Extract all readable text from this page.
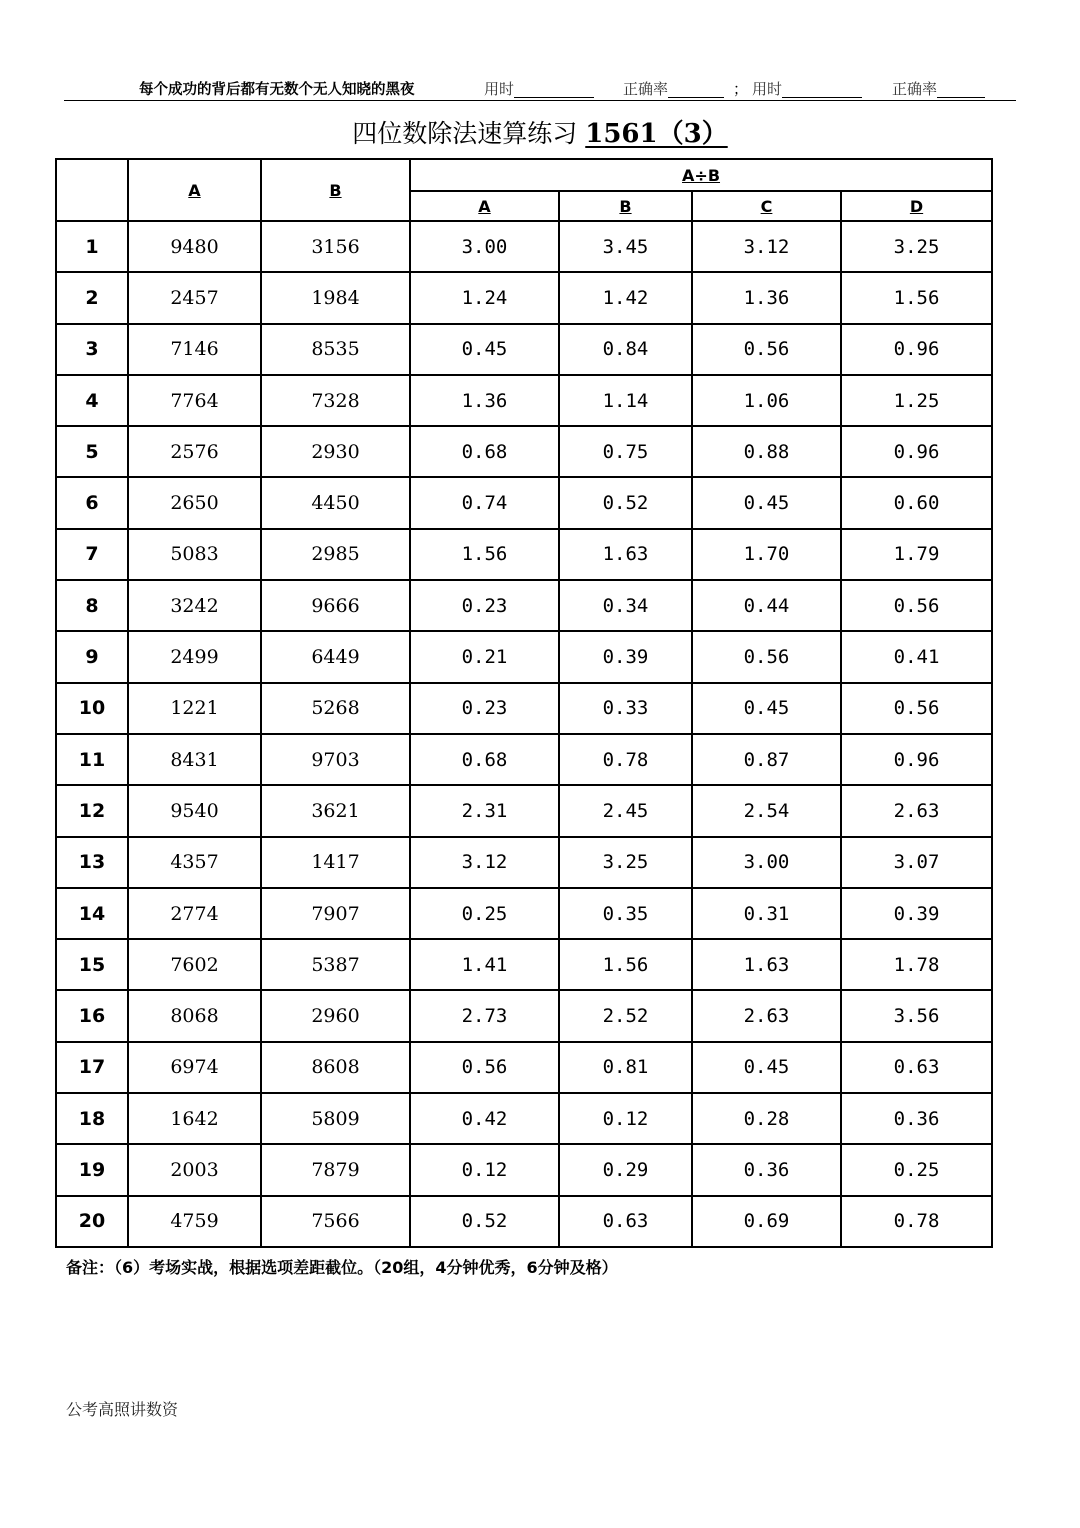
每个成功的背后都有无数个无人知晓的黑夜	用时	正确率	； 用时	正确率
四位数除法速算练习 1561（3）
	A	B	A÷B			
			A	B	C	D
1	9480	3156	3.00	3.45	3.12	3.25
2	2457	1984	1.24	1.42	1.36	1.56
3	7146	8535	0.45	0.84	0.56	0.96
4	7764	7328	1.36	1.14	1.06	1.25
5	2576	2930	0.68	0.75	0.88	0.96
6	2650	4450	0.74	0.52	0.45	0.60
7	5083	2985	1.56	1.63	1.70	1.79
8	3242	9666	0.23	0.34	0.44	0.56
9	2499	6449	0.21	0.39	0.56	0.41
10	1221	5268	0.23	0.33	0.45	0.56
11	8431	9703	0.68	0.78	0.87	0.96
12	9540	3621	2.31	2.45	2.54	2.63
13	4357	1417	3.12	3.25	3.00	3.07
14	2774	7907	0.25	0.35	0.31	0.39
15	7602	5387	1.41	1.56	1.63	1.78
16	8068	2960	2.73	2.52	2.63	3.56
17	6974	8608	0.56	0.81	0.45	0.63
18	1642	5809	0.42	0.12	0.28	0.36
19	2003	7879	0.12	0.29	0.36	0.25
20	4759	7566	0.52	0.63	0.69	0.78
备注：（6）考场实战，根据选项差距截位。（20组，4分钟优秀，6分钟及格）
公考高照讲数资
